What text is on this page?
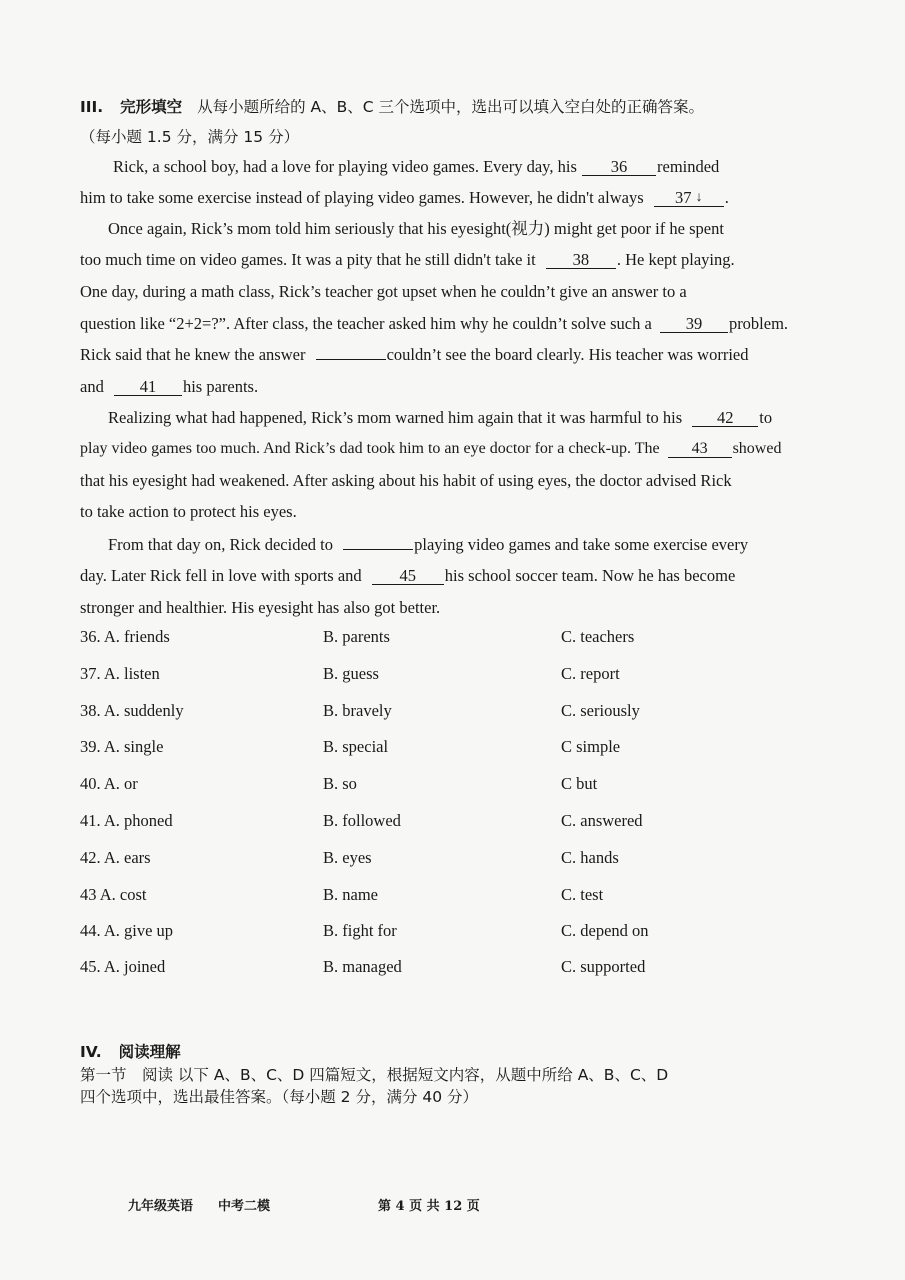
III. 完形填空 从每小题所给的 A、B、C 三个选项中，选出可以填入空白处的正确答案。
（每小题 1.5 分，满分 15 分）
Rick, a school boy, had a love for playing video games. Every day, his 36 reminded
him to take some exercise instead of playing video games. However, he didn't always 37 ↓ .
Once again, Rick’s mom told him seriously that his eyesight(视力) might get poor if he spent
too much time on video games. It was a pity that he still didn't take it 38 . He kept playing.
One day, during a math class, Rick’s teacher got upset when he couldn’t give an answer to a
question like “2+2=?”. After class, the teacher asked him why he couldn’t solve such a 39 problem.
Rick said that he knew the answer	couldn’t see the board clearly. His teacher was worried
and 41 his parents.
Realizing what had happened, Rick’s mom warned him again that it was harmful to his 42 to
play video games too much. And Rick’s dad took him to an eye doctor for a check-up. The 43 showed
that his eyesight had weakened. After asking about his habit of using eyes, the doctor advised Rick
to take action to protect his eyes.
From that day on, Rick decided to	playing video games and take some exercise every
day. Later Rick fell in love with sports and 45 his school soccer team. Now he has become
stronger and healthier. His eyesight has also got better.
36. A. friends	B. parents	C. teachers
37. A. listen	B. guess	C. report
38. A. suddenly	B. bravely	C. seriously
39. A. single	B. special	C simple
40. A. or	B. so	C but
41. A. phoned	B. followed	C. answered
42. A. ears	B. eyes	C. hands
43 A. cost	B. name	C. test
44. A. give up	B. fight for	C. depend on
45. A. joined	B. managed	C. supported
IV. 阅读理解
第一节　阅读 以下 A、B、C、D 四篇短文，根据短文内容，从题中所给 A、B、C、D
四个选项中，选出最佳答案。（每小题 2 分，满分 40 分）
九年级英语 中考二模	第 4 页 共 12 页
